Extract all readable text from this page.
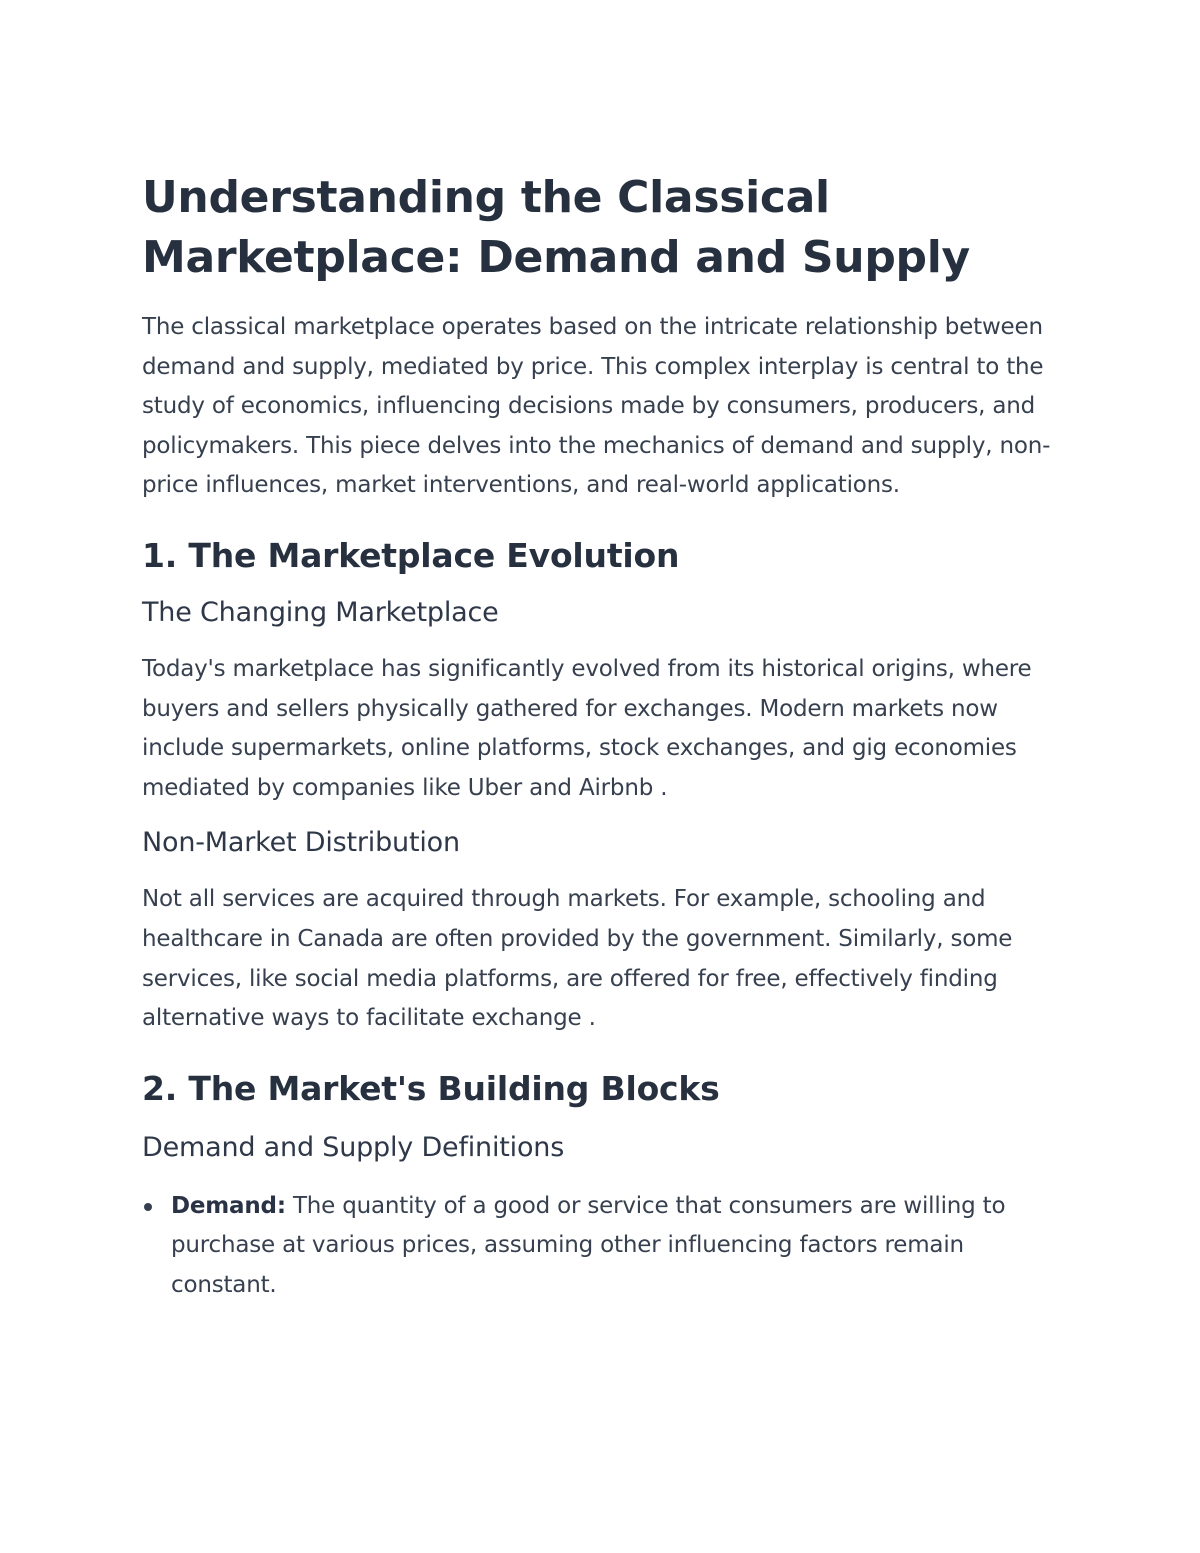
Understanding the Classical Marketplace: Demand and Supply

The classical marketplace operates based on the intricate relationship between demand and supply, mediated by price. This complex interplay is central to the study of economics, influencing decisions made by consumers, producers, and policymakers. This piece delves into the mechanics of demand and supply, non-price influences, market interventions, and real-world applications.

1. The Marketplace Evolution
The Changing Marketplace

Today's marketplace has significantly evolved from its historical origins, where buyers and sellers physically gathered for exchanges. Modern markets now include supermarkets, online platforms, stock exchanges, and gig economies mediated by companies like Uber and Airbnb .

Non-Market Distribution

Not all services are acquired through markets. For example, schooling and healthcare in Canada are often provided by the government. Similarly, some services, like social media platforms, are offered for free, effectively finding alternative ways to facilitate exchange .

2. The Market's Building Blocks
Demand and Supply Definitions
Demand: The quantity of a good or service that consumers are willing to purchase at various prices, assuming other influencing factors remain constant.
